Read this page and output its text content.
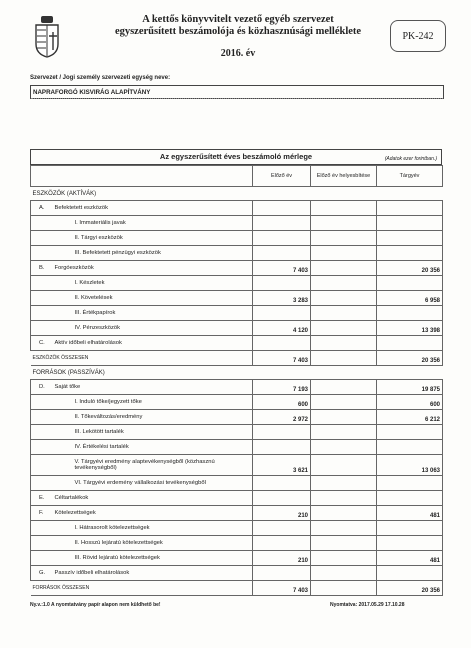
A kettős könyvvitelt vezető egyéb szervezet
egyszerűsített beszámolója és közhasznúsági melléklete
2016. év
PK-242
Szervezet / Jogi személy szervezeti egység neve:
NAPRAFORGÓ KISVIRÁG ALAPÍTVÁNY
Az egyszerűsített éves beszámoló mérlege	(Adatok ezer forintban.)
		Előző év	Előző év helyesbítése	Tárgyév
ESZKÖZÖK (AKTÍVÁK)				
A.	Befektetett eszközök			
	I. Immateriális javak			
	II. Tárgyi eszközök			
	III. Befektetett pénzügyi eszközök			
B.	Forgóeszközök	7 403		20 356
	I. Készletek			
	II. Követelések	3 283		6 958
	III. Értékpapírok			
	IV. Pénzeszközök	4 120		13 398
C.	Aktív időbeli elhatárolások			
ESZKÖZÖK ÖSSZESEN		7 403		20 356
FORRÁSOK (PASSZÍVÁK)				
D.	Saját tőke	7 193		19 875
	I. Induló tőke/jegyzett tőke	600		600
	II. Tőkeváltozás/eredmény	2 972		6 212
	III. Lekötött tartalék			
	IV. Értékelési tartalék			
	V. Tárgyévi eredmény alaptevékenységből (közhasznú tevékenységből)	3 621		13 063
	VI. Tárgyévi erdemény vállalkozási tevékenységből			
E.	Céltartalékok			
F.	Kötelezettségek	210		481
	I. Hátrasorolt kötelezettségek			
	II. Hosszú lejáratú kötelezettségek			
	III. Rövid lejáratú kötelezettségek	210		481
G.	Passzív időbeli elhatárolások			
FORRÁSOK ÖSSZESEN		7 403		20 356
Ny.v.:1.0 A nyomtatvány papír alapon nem küldhető be!	Nyomtatva: 2017.05.29 17.10.28
